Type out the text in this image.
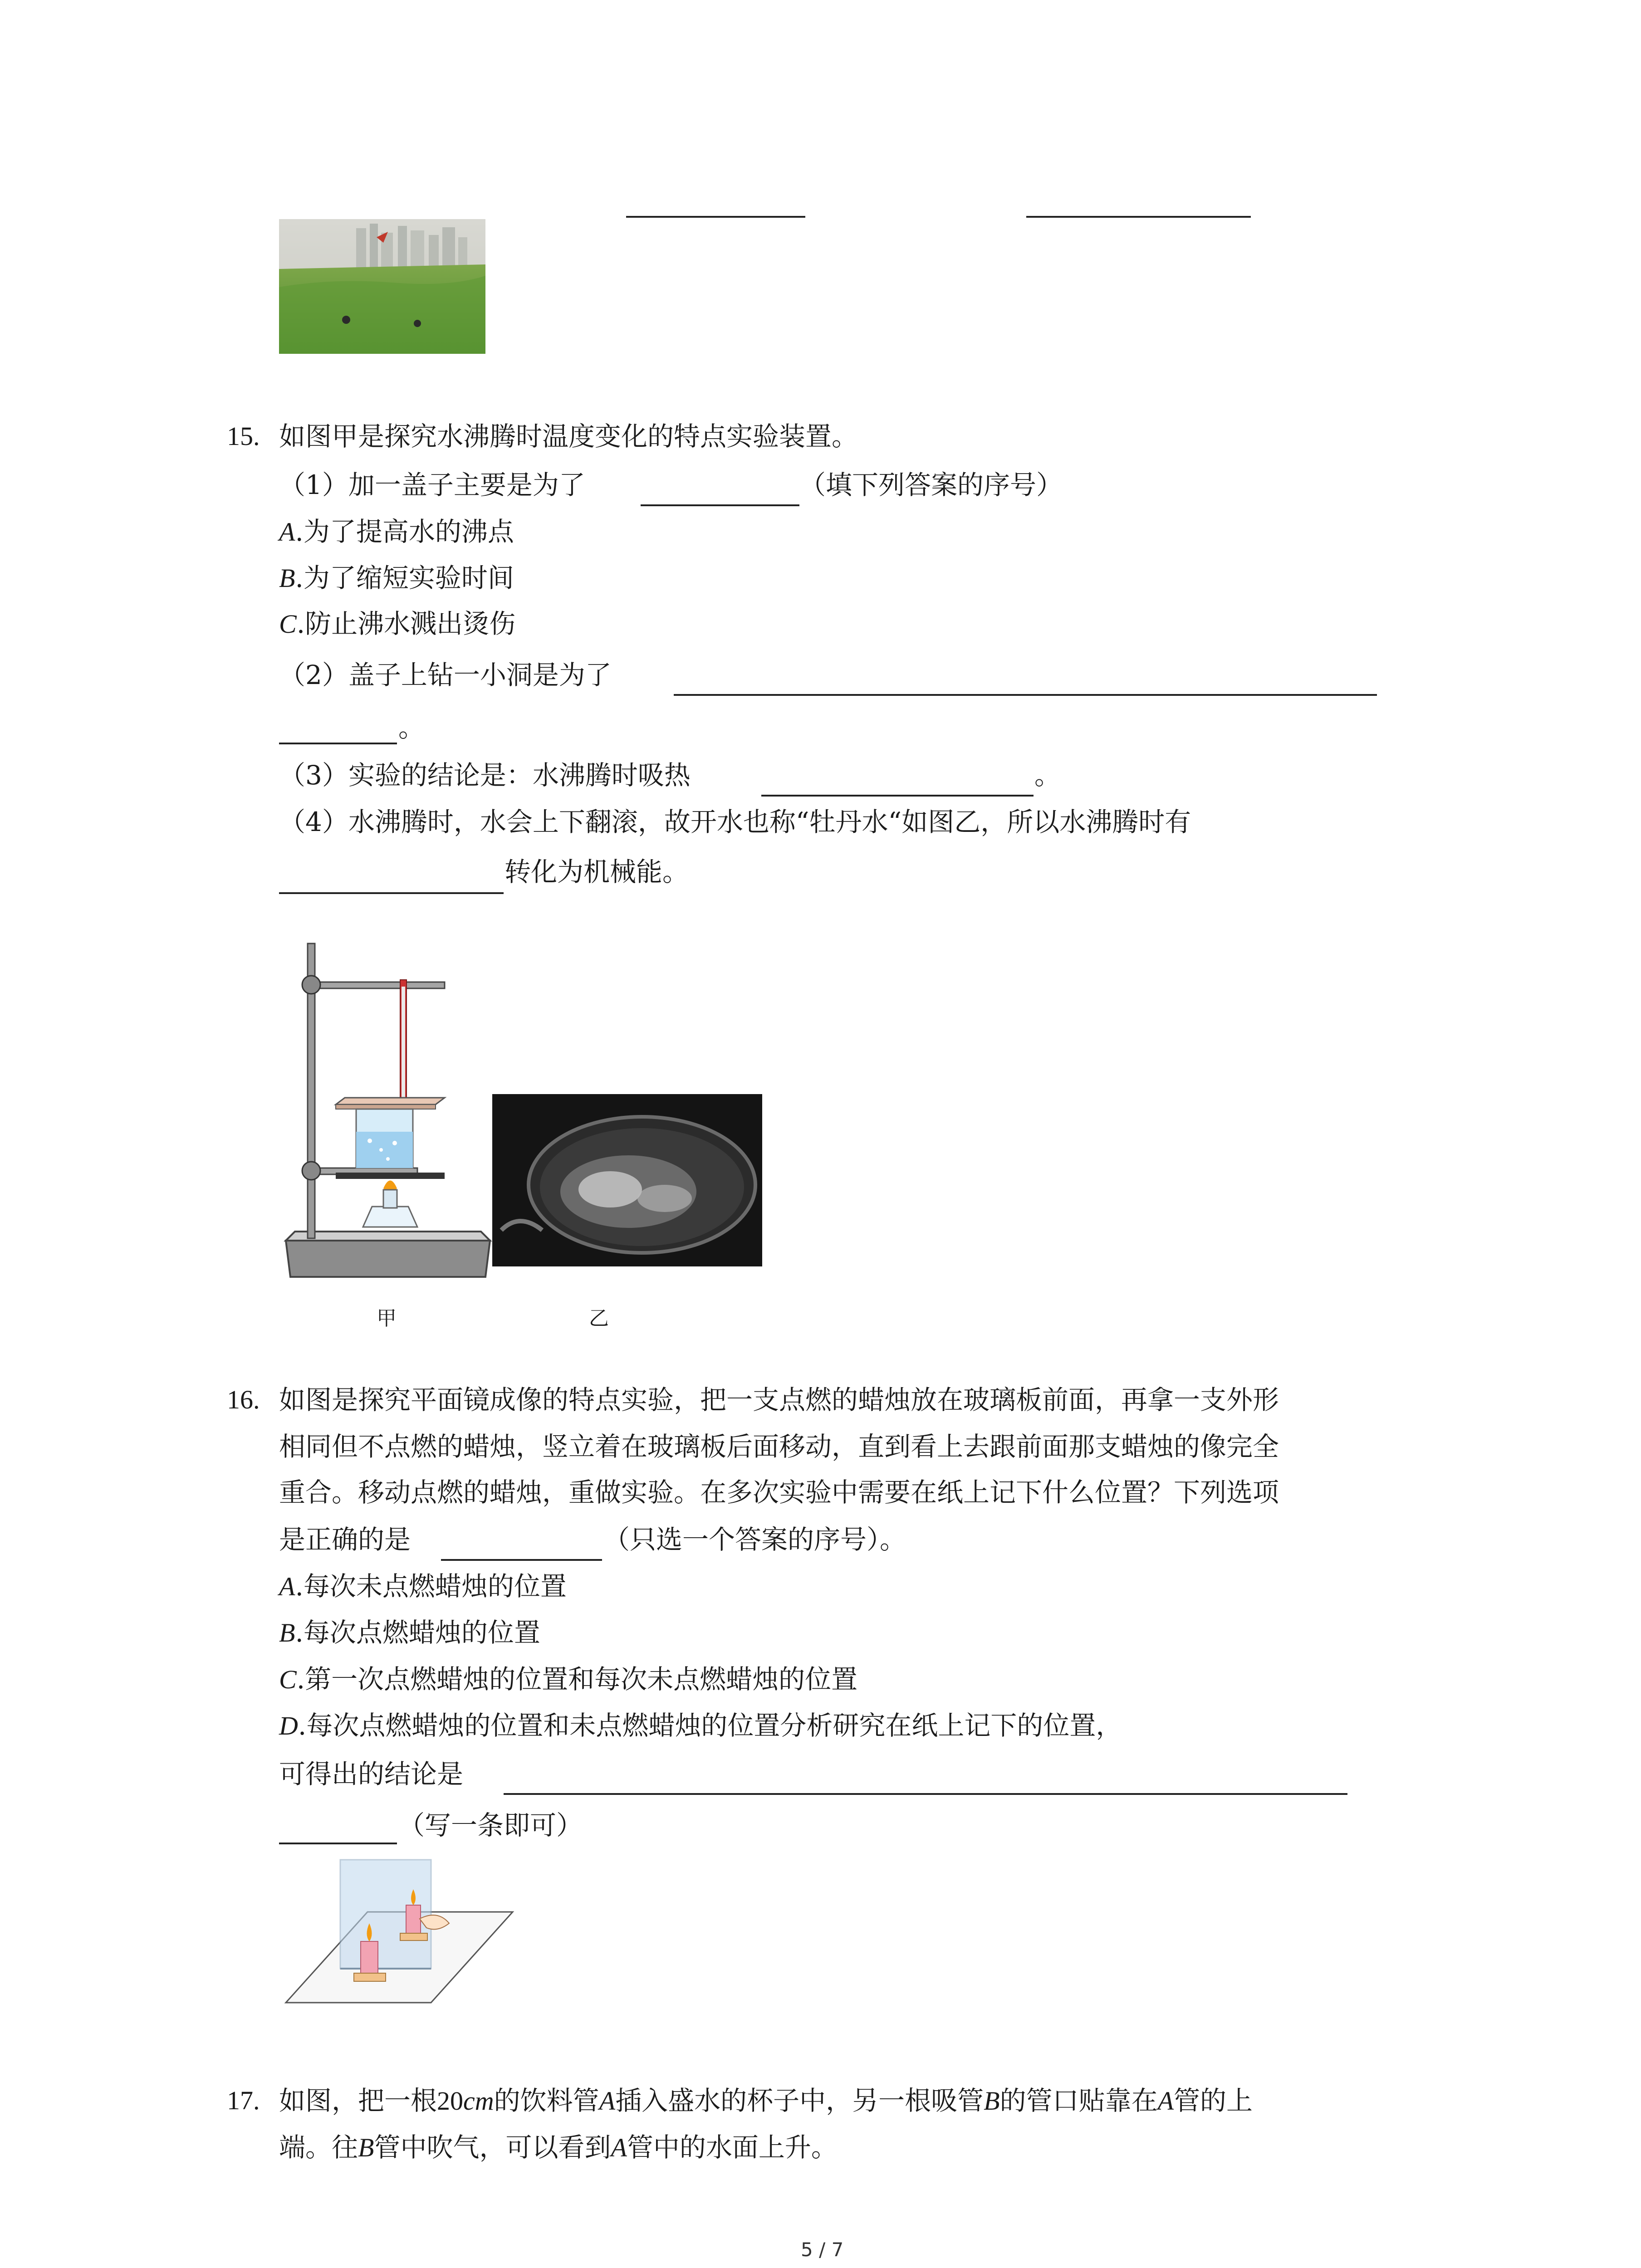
15. 如图甲是探究水沸腾时温度变化的特点实验装置。
（1）加一盖子主要是为了	（填下列答案的序号）
A.为了提高水的沸点
B.为了缩短实验时间
C.防止沸水溅出烫伤
（2）盖子上钻一小洞是为了
。
（3）实验的结论是：水沸腾时吸热	。
（4）水沸腾时，水会上下翻滚，故开水也称“牡丹水“如图乙，所以水沸腾时有
转化为机械能。
甲	乙
16. 如图是探究平面镜成像的特点实验，把一支点燃的蜡烛放在玻璃板前面，再拿一支外形
相同但不点燃的蜡烛，竖立着在玻璃板后面移动，直到看上去跟前面那支蜡烛的像完全
重合。移动点燃的蜡烛，重做实验。在多次实验中需要在纸上记下什么位置？下列选项
是正确的是	（只选一个答案的序号）。
A.每次未点燃蜡烛的位置
B.每次点燃蜡烛的位置
C.第一次点燃蜡烛的位置和每次未点燃蜡烛的位置
D.每次点燃蜡烛的位置和未点燃蜡烛的位置分析研究在纸上记下的位置，
可得出的结论是
（写一条即可）
17. 如图，把一根20cm的饮料管A插入盛水的杯子中，另一根吸管B的管口贴靠在A管的上
端。往B管中吹气，可以看到A管中的水面上升。
5 / 7
